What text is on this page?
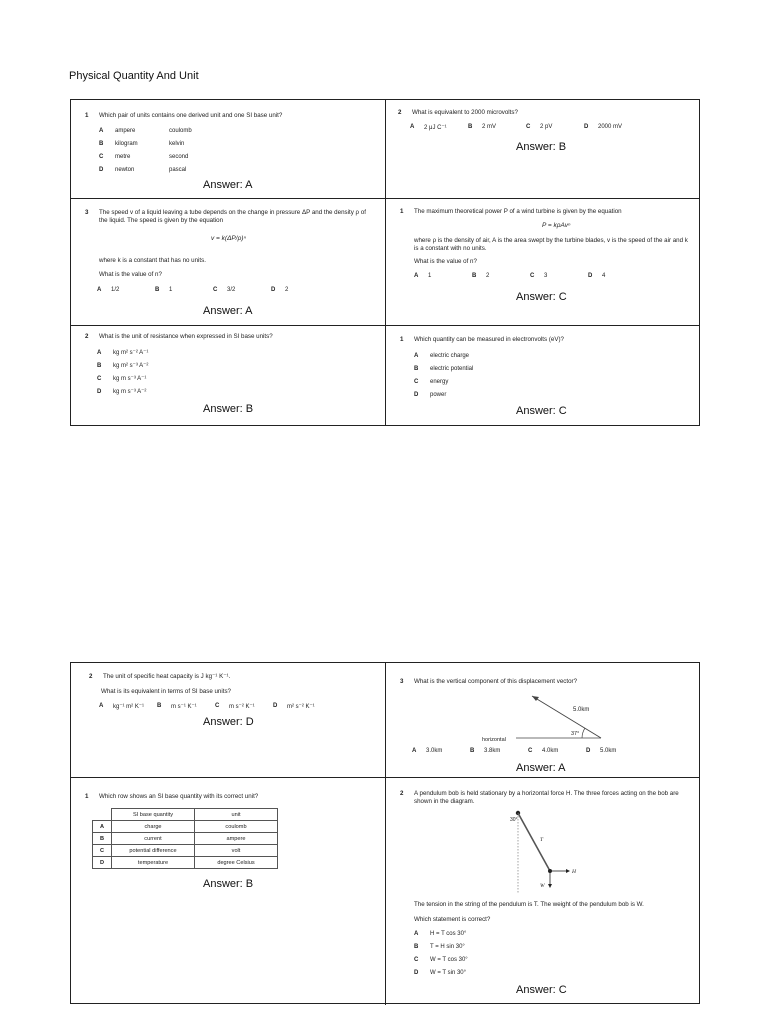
Physical Quantity And Unit
1 Which pair of units contains one derived unit and one SI base unit?
A	ampere	coulomb
B	kilogram	kelvin
C	metre	second
D	newton	pascal
Answer: A
2 What is equivalent to 2000 microvolts?
A	2 μJ C⁻¹	B	2 mV	C	2 pV	D	2000 mV
Answer: B
3 The speed v of a liquid leaving a tube depends on the change in pressure ΔP and the density ρ of the liquid. The speed is given by the equation
v = k(ΔP/ρ)ⁿ
where k is a constant that has no units.
What is the value of n?
A	1/2	B	1	C	3/2	D	2
Answer: A
1 The maximum theoretical power P of a wind turbine is given by the equation
P = kρAvⁿ
where ρ is the density of air, A is the area swept by the turbine blades, v is the speed of the air and k is a constant with no units.
What is the value of n?
A	1	B	2	C	3	D	4
Answer: C
2 What is the unit of resistance when expressed in SI base units?
A	kg m² s⁻² A⁻¹
B	kg m² s⁻³ A⁻²
C	kg m s⁻³ A⁻¹
D	kg m s⁻³ A⁻²
Answer: B
1 Which quantity can be measured in electronvolts (eV)?
A	electric charge
B	electric potential
C	energy
D	power
Answer: C
2 The unit of specific heat capacity is J kg⁻¹ K⁻¹.
What is its equivalent in terms of SI base units?
A	kg⁻¹ m² K⁻¹ B	m s⁻¹ K⁻¹	C	m s⁻² K⁻¹	D	m² s⁻² K⁻¹
Answer: D
3 What is the vertical component of this displacement vector?
5.0km
37°
horizontal
A	3.0km	B	3.8km	C	4.0km	D	5.0km
Answer: A
1 Which row shows an SI base quantity with its correct unit?
	SI base quantity	unit
A	charge	coulomb
B	current	ampere
C	potential difference	volt
D	temperature	degree Celsius
Answer: B
2 A pendulum bob is held stationary by a horizontal force H. The three forces acting on the bob are shown in the diagram.
30°
T
H
W
The tension in the string of the pendulum is T. The weight of the pendulum bob is W.
Which statement is correct?
A	H = T cos 30°
B	T = H sin 30°
C	W = T cos 30°
D	W = T sin 30°
Answer: C
